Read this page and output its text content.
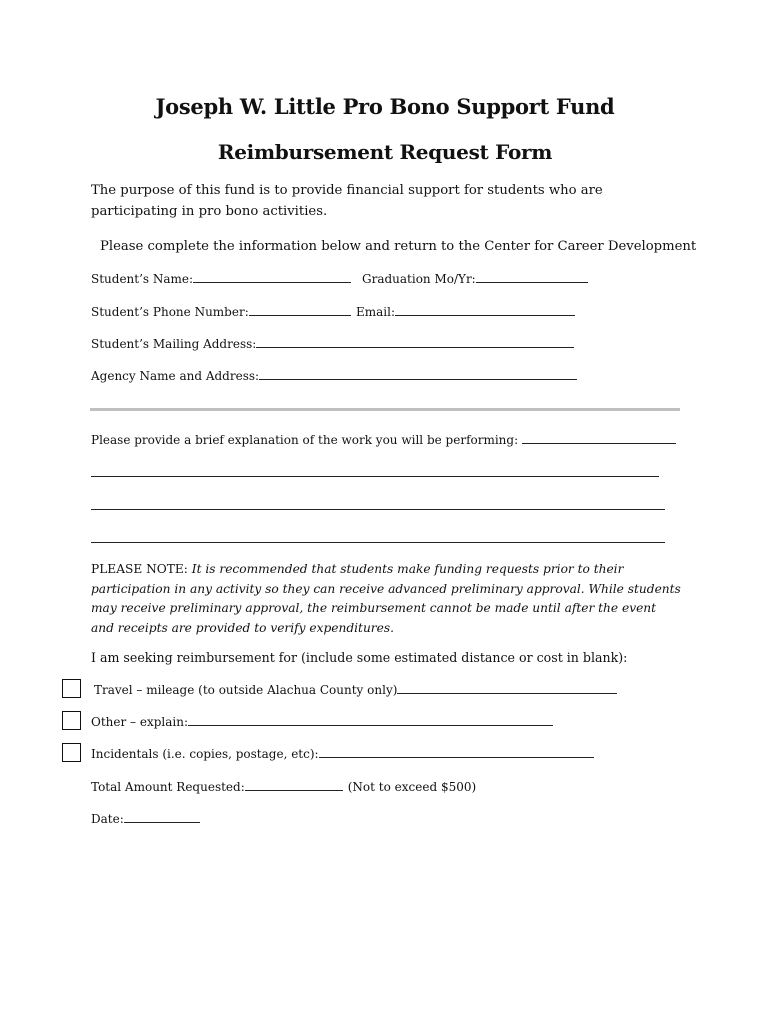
Joseph W. Little Pro Bono Support Fund
Reimbursement Request Form
The purpose of this fund is to provide financial support for students who are participating in pro bono activities.
Please complete the information below and return to the Center for Career Development
Student’s Name:	Graduation Mo/Yr:
Student’s Phone Number:	Email:
Student’s Mailing Address:
Agency Name and Address:
Please provide a brief explanation of the work you will be performing:
PLEASE NOTE: It is recommended that students make funding requests prior to their participation in any activity so they can receive advanced preliminary approval. While students may receive preliminary approval, the reimbursement cannot be made until after the event and receipts are provided to verify expenditures.
I am seeking reimbursement for (include some estimated distance or cost in blank):
Travel – mileage (to outside Alachua County only)
Other – explain:
Incidentals (i.e. copies, postage, etc):
Total Amount Requested:	(Not to exceed $500)
Date:
